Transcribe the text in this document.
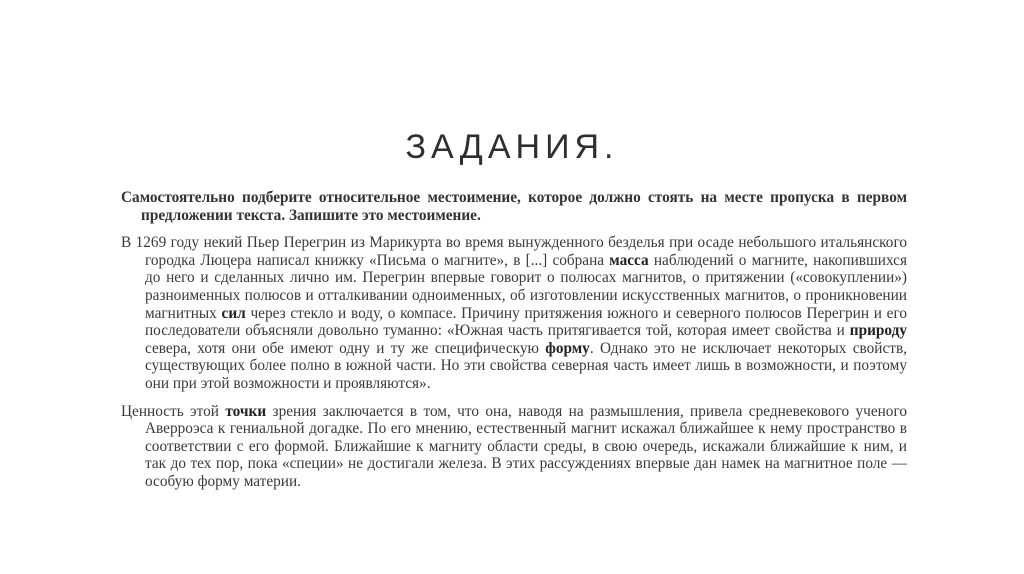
ЗАДАНИЯ.

Самостоятельно подберите относительное местоимение, которое должно стоять на месте пропуска в первом предложении текста. Запишите это местоимение.

В 1269 году некий Пьер Перегрин из Марикурта во время вынужденного безделья при осаде небольшого итальянского городка Люцера написал книжку «Письма о магните», в [...] собрана масса наблюдений о магните, накопившихся до него и сделанных лично им. Перегрин впервые говорит о полюсах магнитов, о притяжении («совокуплении») разноименных полюсов и отталкивании одноименных, об изготовлении искусственных магнитов, о проникновении магнитных сил через стекло и воду, о компасе. Причину притяжения южного и северного полюсов Перегрин и его последователи объясняли довольно туманно: «Южная часть притягивается той, которая имеет свойства и природу севера, хотя они обе имеют одну и ту же специфическую форму. Однако это не исключает некоторых свойств, существующих более полно в южной части. Но эти свойства северная часть имеет лишь в возможности, и поэтому они при этой возможности и проявляются».

Ценность этой точки зрения заключается в том, что она, наводя на размышления, привела средневекового ученого Аверроэса к гениальной догадке. По его мнению, естественный магнит искажал ближайшее к нему пространство в соответствии с его формой. Ближайшие к магниту области среды, в свою очередь, искажали ближайшие к ним, и так до тех пор, пока «специи» не достигали железа. В этих рассуждениях впервые дан намек на магнитное поле — особую форму материи.
